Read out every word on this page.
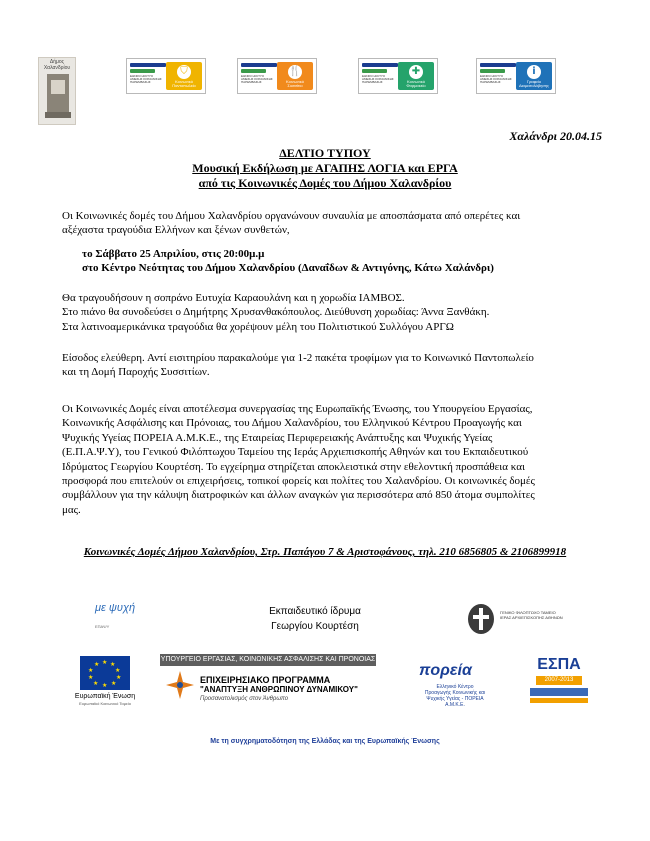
Δήμος Χαλανδρίου
ΕΘΝΙΚΟ ΔΙΚΤΥΟ ΑΜΕΣΗΣ ΚΟΙΝΩΝΙΚΗΣ ΠΑΡΕΜΒΑΣΗΣ
⛉
Κοινωνικό Παντοπωλείο
ΕΘΝΙΚΟ ΔΙΚΤΥΟ ΑΜΕΣΗΣ ΚΟΙΝΩΝΙΚΗΣ ΠΑΡΕΜΒΑΣΗΣ
🍴
Κοινωνικό Συσσίτιο
ΕΘΝΙΚΟ ΔΙΚΤΥΟ ΑΜΕΣΗΣ ΚΟΙΝΩΝΙΚΗΣ ΠΑΡΕΜΒΑΣΗΣ
✚
Κοινωνικό Φαρμακείο
ΕΘΝΙΚΟ ΔΙΚΤΥΟ ΑΜΕΣΗΣ ΚΟΙΝΩΝΙΚΗΣ ΠΑΡΕΜΒΑΣΗΣ
i
Γραφείο Διαμεσολάβησης
Χαλάνδρι 20.04.15
ΔΕΛΤΙΟ ΤΥΠΟΥ
Μουσική Εκδήλωση με ΑΓΑΠΗΣ ΛΟΓΙΑ και ΕΡΓΑ
από τις Κοινωνικές Δομές του Δήμου Χαλανδρίου
Οι Κοινωνικές δομές του Δήμου Χαλανδρίου οργανώνουν συναυλία με αποσπάσματα από οπερέτες και
αξέχαστα τραγούδια Ελλήνων και ξένων συνθετών,
το Σάββατο 25 Απριλίου, στις 20:00μ.μ
στο Κέντρο Νεότητας του Δήμου Χαλανδρίου (Δαναΐδων & Αντιγόνης, Κάτω Χαλάνδρι)
Θα τραγουδήσουν η σοπράνο Ευτυχία Καραουλάνη και η χορωδία ΙΑΜΒΟΣ.
Στο πιάνο θα συνοδεύσει ο Δημήτρης Χρυσανθακόπουλος. Διεύθυνση χορωδίας: Άννα Ξανθάκη.
Στα λατινοαμερικάνικα τραγούδια θα χορέψουν μέλη του Πολιτιστικού Συλλόγου ΑΡΓΩ
Είσοδος ελεύθερη. Αντί εισιτηρίου παρακαλούμε για 1-2 πακέτα τροφίμων για το Κοινωνικό Παντοπωλείο
και τη Δομή Παροχής Συσσιτίων.
Οι Κοινωνικές Δομές είναι αποτέλεσμα συνεργασίας της Ευρωπαϊκής Ένωσης, του Υπουργείου Εργασίας,
Κοινωνικής Ασφάλισης και Πρόνοιας, του Δήμου Χαλανδρίου, του Ελληνικού Κέντρου Προαγωγής και
Ψυχικής Υγείας ΠΟΡΕΙΑ Α.Μ.Κ.Ε., της Εταιρείας Περιφερειακής Ανάπτυξης και Ψυχικής Υγείας
(Ε.Π.Α.Ψ.Υ), του Γενικού Φιλόπτωχου Ταμείου της Ιεράς Αρχιεπισκοπής Αθηνών και του Εκπαιδευτικού
Ιδρύματος Γεωργίου Κουρτέση. Το εγχείρημα στηρίζεται αποκλειστικά στην εθελοντική προσπάθεια και
προσφορά που επιτελούν οι επιχειρήσεις, τοπικοί φορείς και πολίτες του Χαλανδρίου. Οι κοινωνικές δομές
συμβάλλουν για την κάλυψη διατροφικών και άλλων αναγκών για περισσότερα από 850 άτομα συμπολίτες
μας.
Κοινωνικές Δομές Δήμου Χαλανδρίου, Στρ. Παπάγου 7 & Αριστοφάνους, τηλ. 210 6856805 & 2106899918
με ψυχή
ΕΠΑΨΥ
Εκπαιδευτικό ίδρυμα
Γεωργίου Κουρτέση
ΓΕΝΙΚΟ ΦΙΛΟΠΤΩΧΟ ΤΑΜΕΙΟ
ΙΕΡΑΣ ΑΡΧΙΕΠΙΣΚΟΠΗΣ ΑΘΗΝΩΝ
★ ★
★
★
★
★
★
★
★
★
Ευρωπαϊκή Ένωση
Ευρωπαϊκό Κοινωνικό Ταμείο
ΥΠΟΥΡΓΕΙΟ ΕΡΓΑΣΙΑΣ, ΚΟΙΝΩΝΙΚΗΣ ΑΣΦΑΛΙΣΗΣ ΚΑΙ ΠΡΟΝΟΙΑΣ
ΕΠΙΧΕΙΡΗΣΙΑΚΟ ΠΡΟΓΡΑΜΜΑ
"ΑΝΑΠΤΥΞΗ ΑΝΘΡΩΠΙΝΟΥ ΔΥΝΑΜΙΚΟΥ"
Προσανατολισμός στον Άνθρωπο
πορεία
Ελληνικό Κέντρο Προαγωγής Κοινωνικής και Ψυχικής Υγείας - ΠΟΡΕΙΑ Α.Μ.Κ.Ε.
ΕΣΠΑ
2007-2013
Με τη συγχρηματοδότηση της Ελλάδας και της Ευρωπαϊκής Ένωσης
